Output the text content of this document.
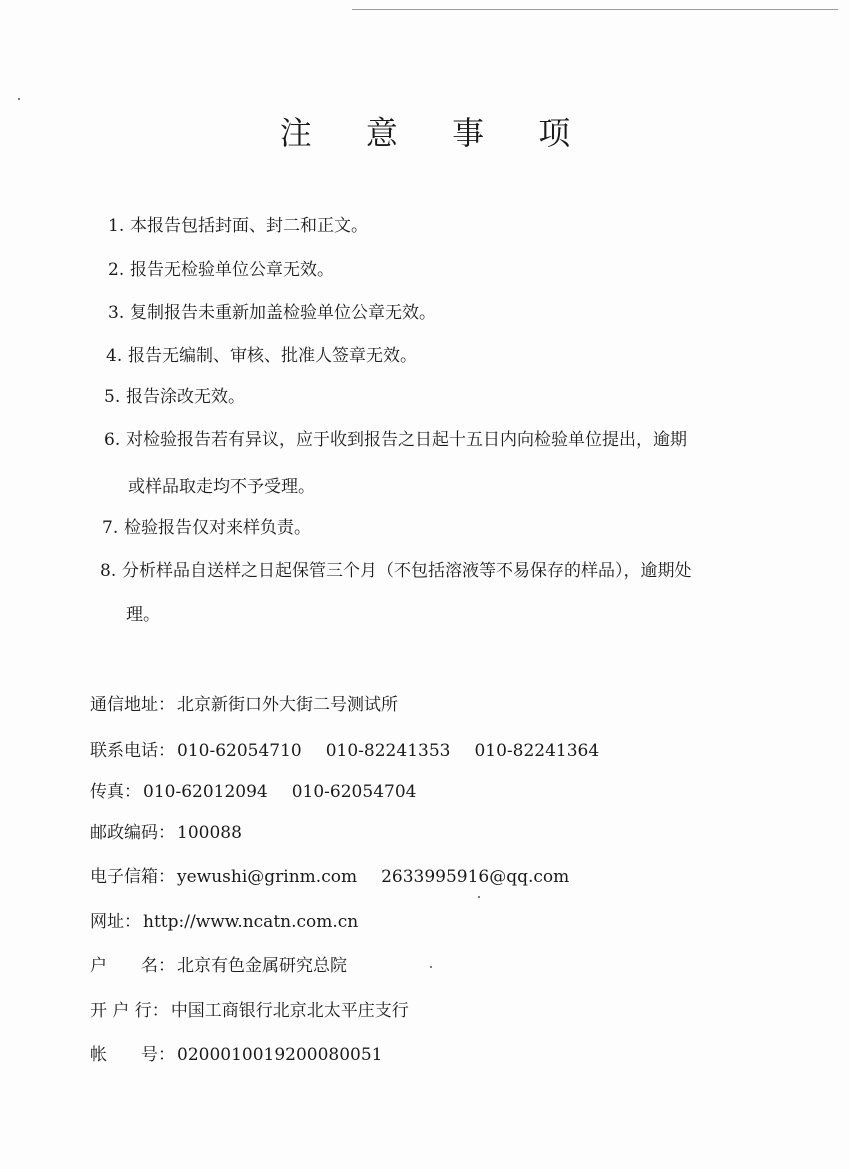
注 意 事 项
1. 本报告包括封面、封二和正文。
2. 报告无检验单位公章无效。
3. 复制报告未重新加盖检验单位公章无效。
4. 报告无编制、审核、批准人签章无效。
5. 报告涂改无效。
6. 对检验报告若有异议，应于收到报告之日起十五日内向检验单位提出，逾期
或样品取走均不予受理。
7. 检验报告仅对来样负责。
8. 分析样品自送样之日起保管三个月（不包括溶液等不易保存的样品），逾期处
理。
通信地址： 北京新街口外大街二号测试所
联系电话： 010-62054710 010-82241353 010-82241364
传真： 010-62012094 010-62054704
邮政编码： 100088
电子信箱： yewushi@grinm.com 2633995916@qq.com
网址： http://www.ncatn.com.cn
户　　名： 北京有色金属研究总院
开 户 行： 中国工商银行北京北太平庄支行
帐　　号： 0200010019200080051
